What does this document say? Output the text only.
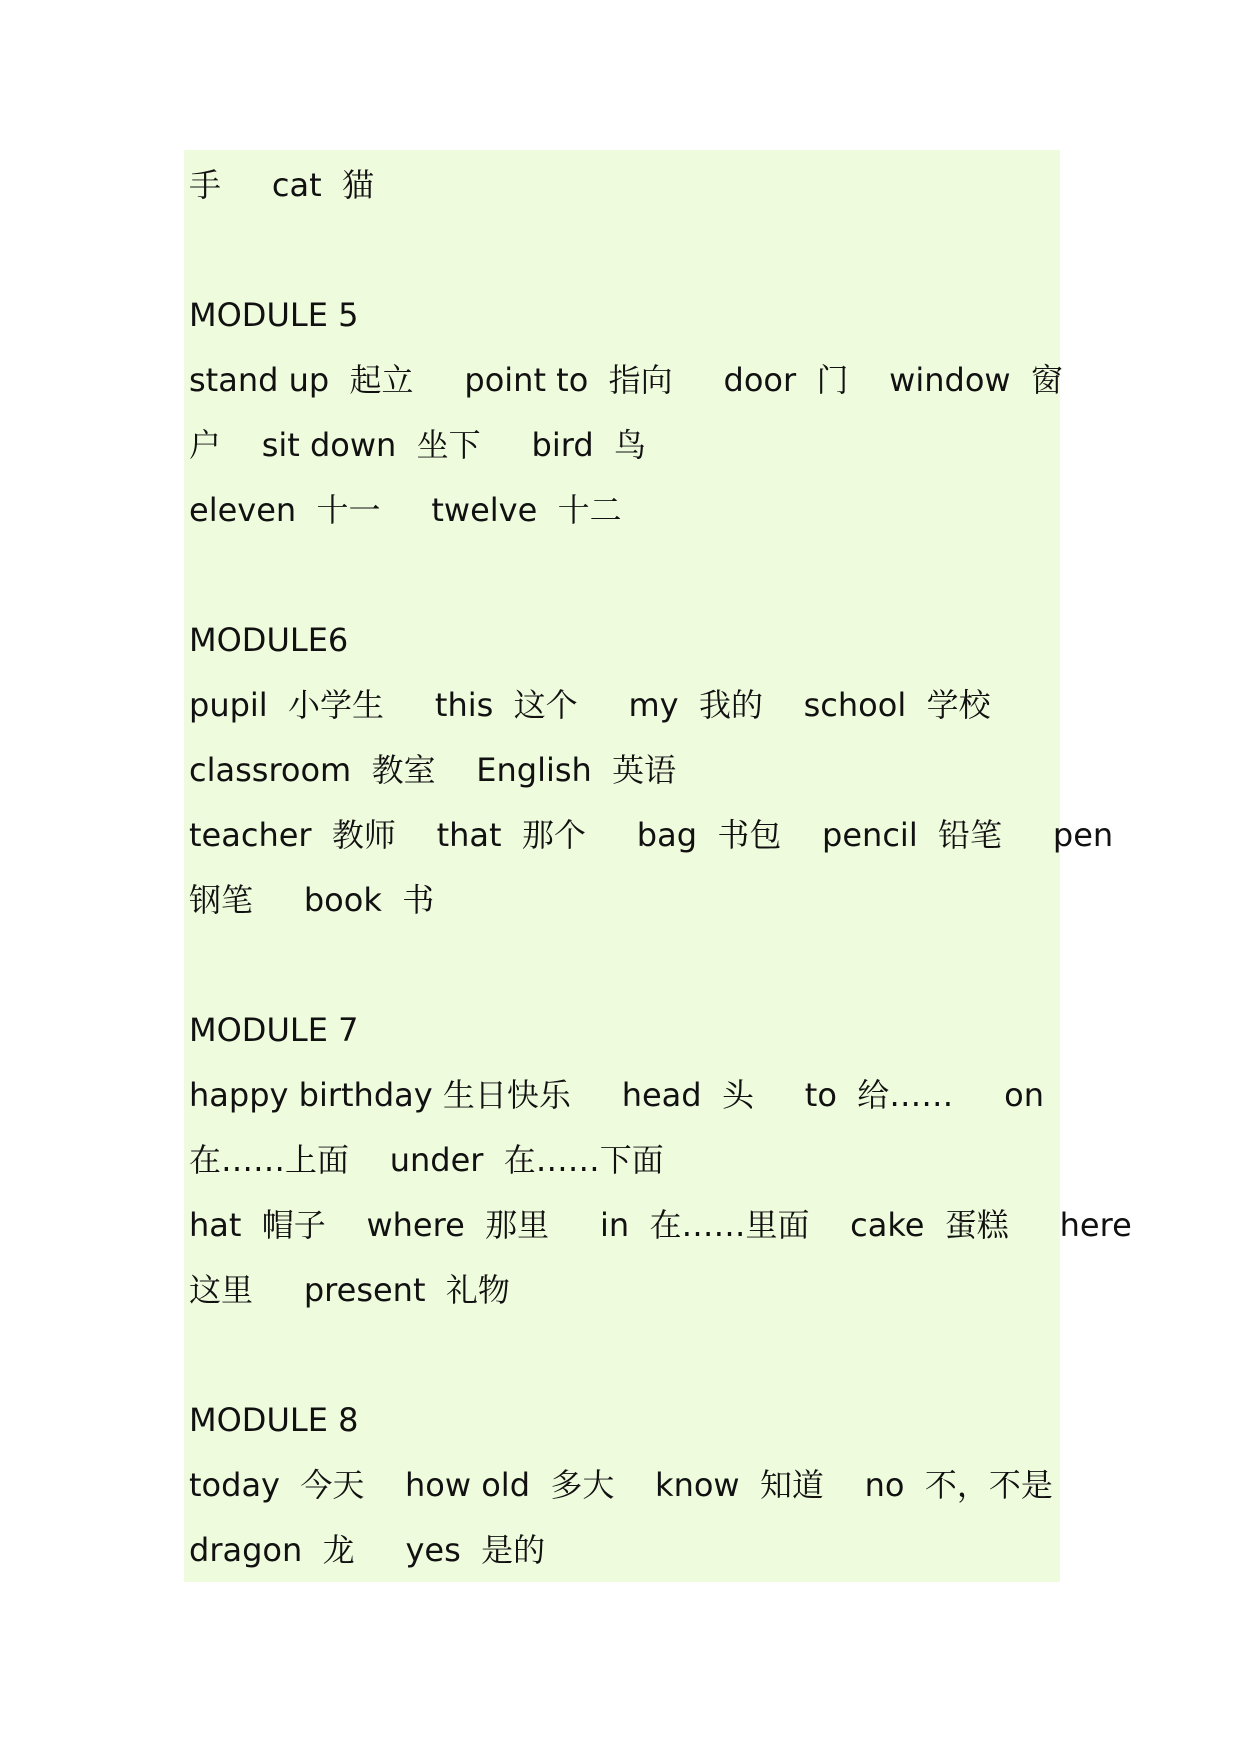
手     cat  猫

MODULE 5

stand up  起立     point to  指向     door  门    window  窗

户    sit down  坐下     bird  鸟

eleven  十一     twelve  十二

MODULE6

pupil  小学生     this  这个     my  我的    school  学校

classroom  教室    English  英语

teacher  教师    that  那个     bag  书包    pencil  铅笔     pen

钢笔     book  书

MODULE 7

happy birthday 生日快乐     head  头     to  给……     on

在……上面    under  在……下面

hat  帽子    where  那里     in  在……里面    cake  蛋糕     here

这里     present  礼物

MODULE 8

today  今天    how old  多大    know  知道    no  不，不是

dragon  龙     yes  是的
